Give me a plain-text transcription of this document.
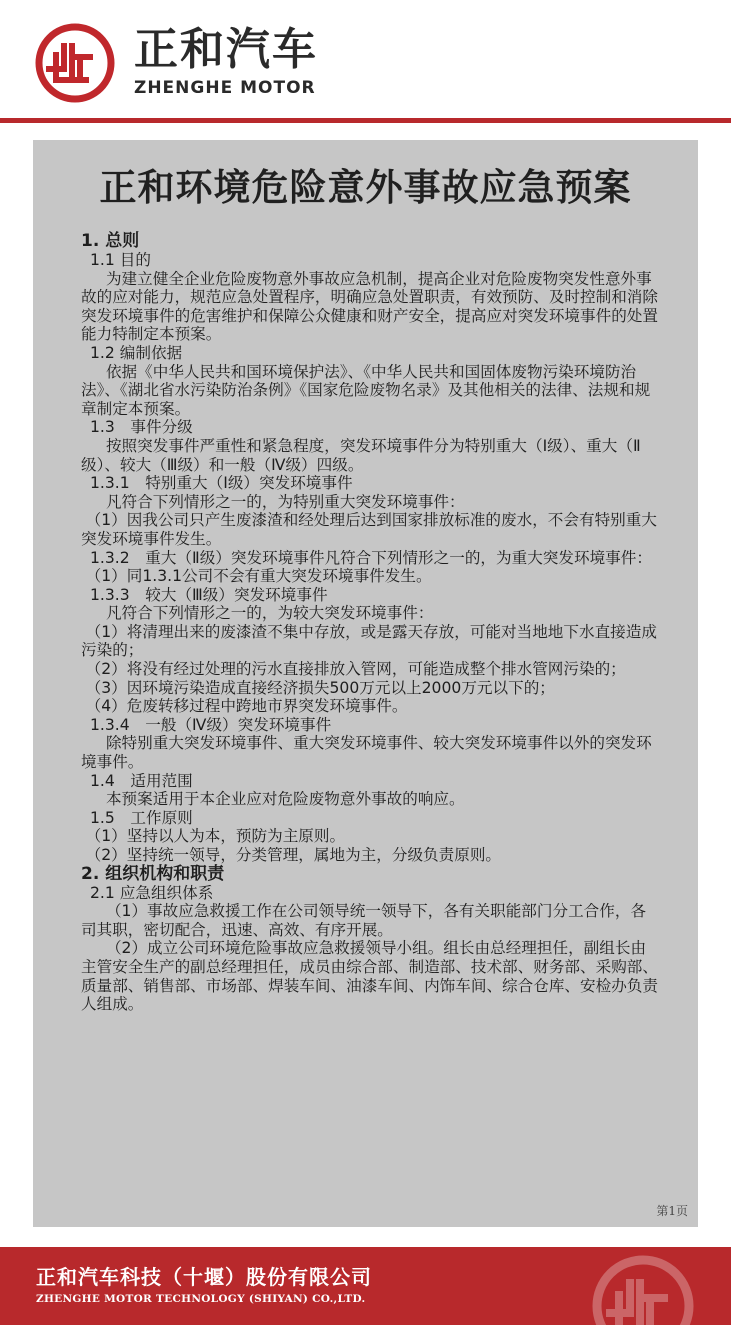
正和汽车
ZHENGHE MOTOR
正和环境危险意外事故应急预案

1. 总则

1.1 目的

为建立健全企业危险废物意外事故应急机制，提高企业对危险废物突发性意外事故的应对能力，规范应急处置程序，明确应急处置职责，有效预防、及时控制和消除突发环境事件的危害维护和保障公众健康和财产安全，提高应对突发环境事件的处置能力特制定本预案。

1.2 编制依据

依据《中华人民共和国环境保护法》、《中华人民共和国固体废物污染环境防治法》、《湖北省水污染防治条例》《国家危险废物名录》及其他相关的法律、法规和规章制定本预案。

1.3　事件分级

按照突发事件严重性和紧急程度，突发环境事件分为特别重大（Ⅰ级）、重大（Ⅱ级）、较大（Ⅲ级）和一般（Ⅳ级）四级。

1.3.1　特别重大（Ⅰ级）突发环境事件

凡符合下列情形之一的，为特别重大突发环境事件：

（1）因我公司只产生废漆渣和经处理后达到国家排放标准的废水，不会有特别重大突发环境事件发生。

1.3.2　重大（Ⅱ级）突发环境事件凡符合下列情形之一的，为重大突发环境事件：

（1）同1.3.1公司不会有重大突发环境事件发生。

1.3.3　较大（Ⅲ级）突发环境事件

凡符合下列情形之一的，为较大突发环境事件：

（1）将清理出来的废漆渣不集中存放，或是露天存放，可能对当地地下水直接造成污染的；

（2）将没有经过处理的污水直接排放入管网，可能造成整个排水管网污染的；

（3）因环境污染造成直接经济损失500万元以上2000万元以下的；

（4）危废转移过程中跨地市界突发环境事件。

1.3.4　一般（Ⅳ级）突发环境事件

除特别重大突发环境事件、重大突发环境事件、较大突发环境事件以外的突发环境事件。

1.4　适用范围

本预案适用于本企业应对危险废物意外事故的响应。

1.5　工作原则

（1）坚持以人为本，预防为主原则。

（2）坚持统一领导，分类管理，属地为主，分级负责原则。

2. 组织机构和职责

2.1 应急组织体系

（1）事故应急救援工作在公司领导统一领导下，各有关职能部门分工合作，各司其职，密切配合，迅速、高效、有序开展。

（2）成立公司环境危险事故应急救援领导小组。组长由总经理担任，副组长由主管安全生产的副总经理担任，成员由综合部、制造部、技术部、财务部、采购部、质量部、销售部、市场部、焊装车间、油漆车间、内饰车间、综合仓库、安检办负责人组成。

第1页
正和汽车科技（十堰）股份有限公司
ZHENGHE MOTOR TECHNOLOGY (SHIYAN) CO.,LTD.
